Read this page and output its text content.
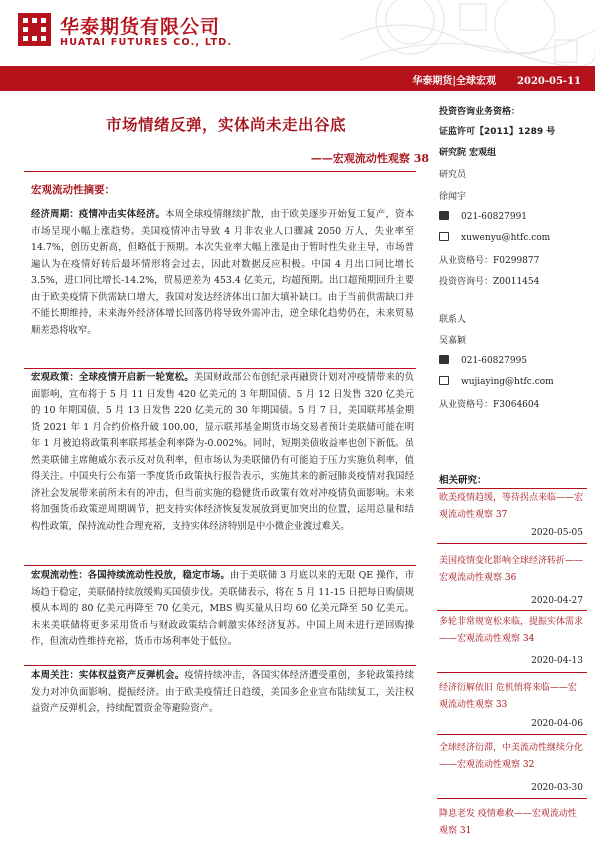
华泰期货有限公司
HUATAI FUTURES CO., LTD.
华泰期货|全球宏观 2020-05-11
市场情绪反弹，实体尚未走出谷底
——宏观流动性观察 38
宏观流动性摘要：
经济周期：疫情冲击实体经济。本周全球疫情继续扩散，由于欧美逐步开始复工复产，资本市场呈现小幅上涨趋势。美国疫情冲击导致 4 月非农业人口骤减 2050 万人，失业率至 14.7%，创历史新高，但略低于预期。本次失业率大幅上涨是由于暂时性失业主导，市场普遍认为在疫情好转后最坏情形将会过去，因此对数据反应积极。中国 4 月出口同比增长 3.5%，进口同比增长-14.2%，贸易逆差为 453.4 亿美元，均超预期。出口超预期回升主要由于欧美疫情下供需缺口增大，我国对发达经济体出口加大填补缺口。由于当前供需缺口并不能长期维持，未来海外经济体增长回落仍将导致外需冲击，逆全球化趋势仍在，未来贸易顺差恐将收窄。
宏观政策：全球疫情开启新一轮宽松。美国财政部公布创纪录再融资计划对冲疫情带来的负面影响，宣布将于 5 月 11 日发售 420 亿美元的 3 年期国债、5 月 12 日发售 320 亿美元的 10 年期国债、5 月 13 日发售 220 亿美元的 30 年期国债。5 月 7 日，美国联邦基金期货 2021 年 1 月合约价格升破 100.00，显示联邦基金期货市场交易者预计美联储可能在明年 1 月被迫将政策利率联邦基金利率降为-0.002%。同时，短期美债收益率也创下新低。虽然美联储主席鲍威尔表示反对负利率，但市场认为美联储仍有可能迫于压力实施负利率，值得关注。中国央行公布第一季度货币政策执行报告表示，实施其来的新冠肺炎疫情对我国经济社会发展带来前所未有的冲击，但当前实施的稳健货币政策有效对冲疫情负面影响。未来将加强货币政策逆周期调节，把支持实体经济恢复发展放到更加突出的位置，运用总量和结构性政策，保持流动性合理充裕，支持实体经济特别是中小微企业渡过难关。
宏观流动性：各国持续流动性投放，稳定市场。由于美联储 3 月底以来的无限 QE 操作，市场趋于稳定，美联储持续放缓购买国债步伐。美联储表示，将在 5 月 11-15 日把每日购债规模从本周的 80 亿美元再降至 70 亿美元，MBS 购买量从日均 60 亿美元降至 50 亿美元。未来美联储将更多采用货币与财政政策结合刺激实体经济复苏。中国上周未进行逆回购操作，但流动性维持充裕，货币市场利率处于低位。
本周关注：实体权益资产反弹机会。疫情持续冲击，各国实体经济遭受重创，多轮政策持续发力对冲负面影响、提振经济。由于欧美疫情迁日趋缓，美国多企业宣布陆续复工，关注权益资产反弹机会，持续配置资金等避险资产。
投资咨询业务资格：
证监许可【2011】1289 号
研究院 宏观组
研究员
徐闻宇
021-60827991
xuwenyu@htfc.com
从业资格号：F0299877
投资咨询号：Z0011454
联系人
吴嘉颖
021-60827995
wujiaying@htfc.com
从业资格号：F3064604
相关研究：
欧美疫情趋缓，等待拐点来临——宏观流动性观察 37
2020-05-05
美国疫情变化影响全球经济转折——宏观流动性观察 36
2020-04-27
多轮非常规宽松来临，提振实体需求——宏观流动性观察 34
2020-04-13
经济衍解依旧 危机悄将来临——宏观流动性观察 33
2020-04-06
全球经济衍滞，中美流动性继续分化——宏观流动性观察 32
2020-03-30
降息老发 疫情难救——宏观流动性观察 31
